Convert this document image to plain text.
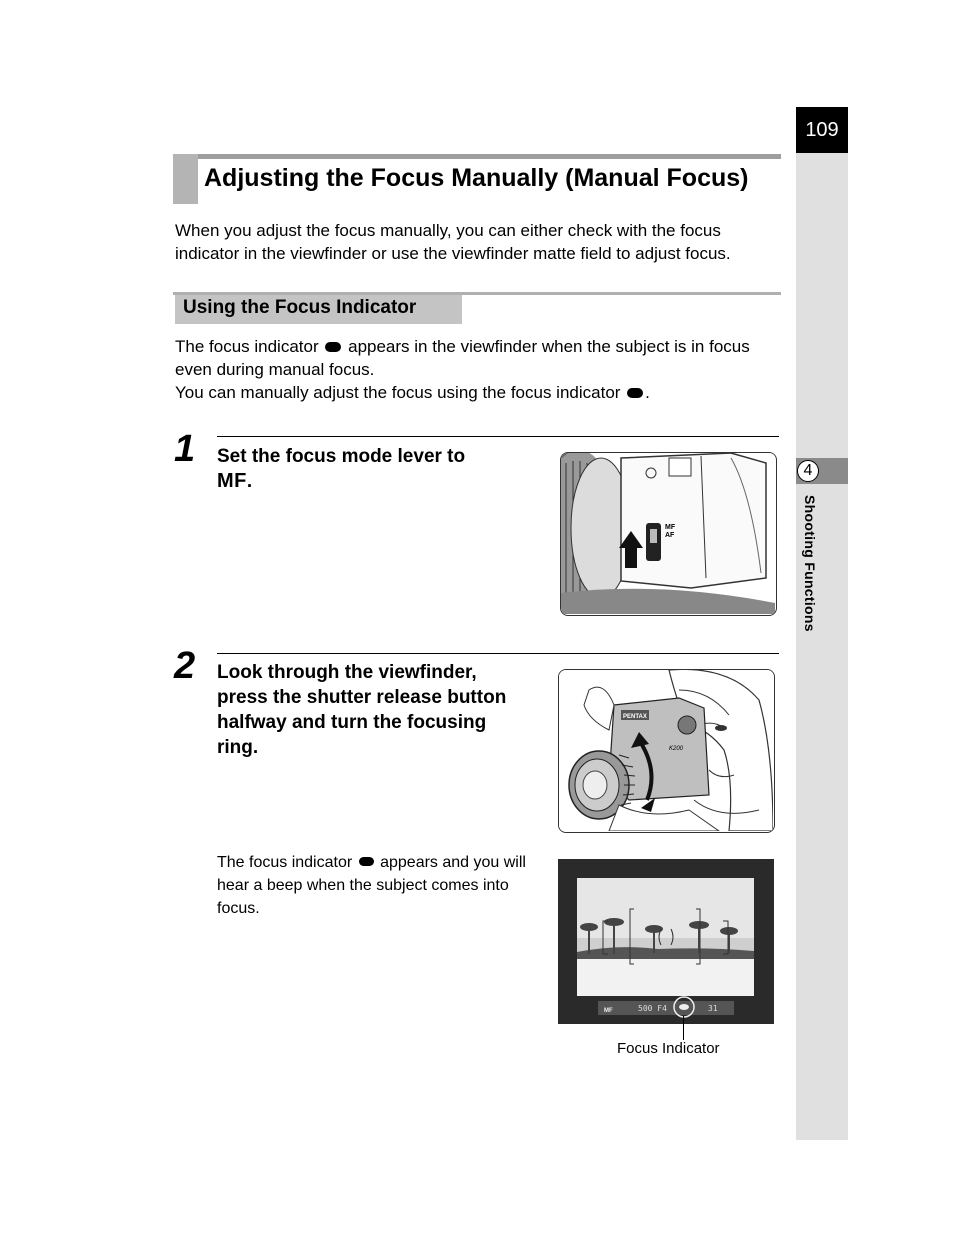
109
4
Shooting Functions
Adjusting the Focus Manually (Manual Focus)
When you adjust the focus manually, you can either check with the focus indicator in the viewfinder or use the viewfinder matte field to adjust focus.
Using the Focus Indicator
The focus indicator appears in the viewfinder when the subject is in focus even during manual focus.
You can manually adjust the focus using the focus indicator .
1 Set the focus mode lever to
MF.
MF
AF
2 Look through the viewfinder, press the shutter release button halfway and turn the focusing ring.
PENTAX
K200
The focus indicator appears and you will hear a beep when the subject comes into focus.
MF	500 F4	31
Focus Indicator
